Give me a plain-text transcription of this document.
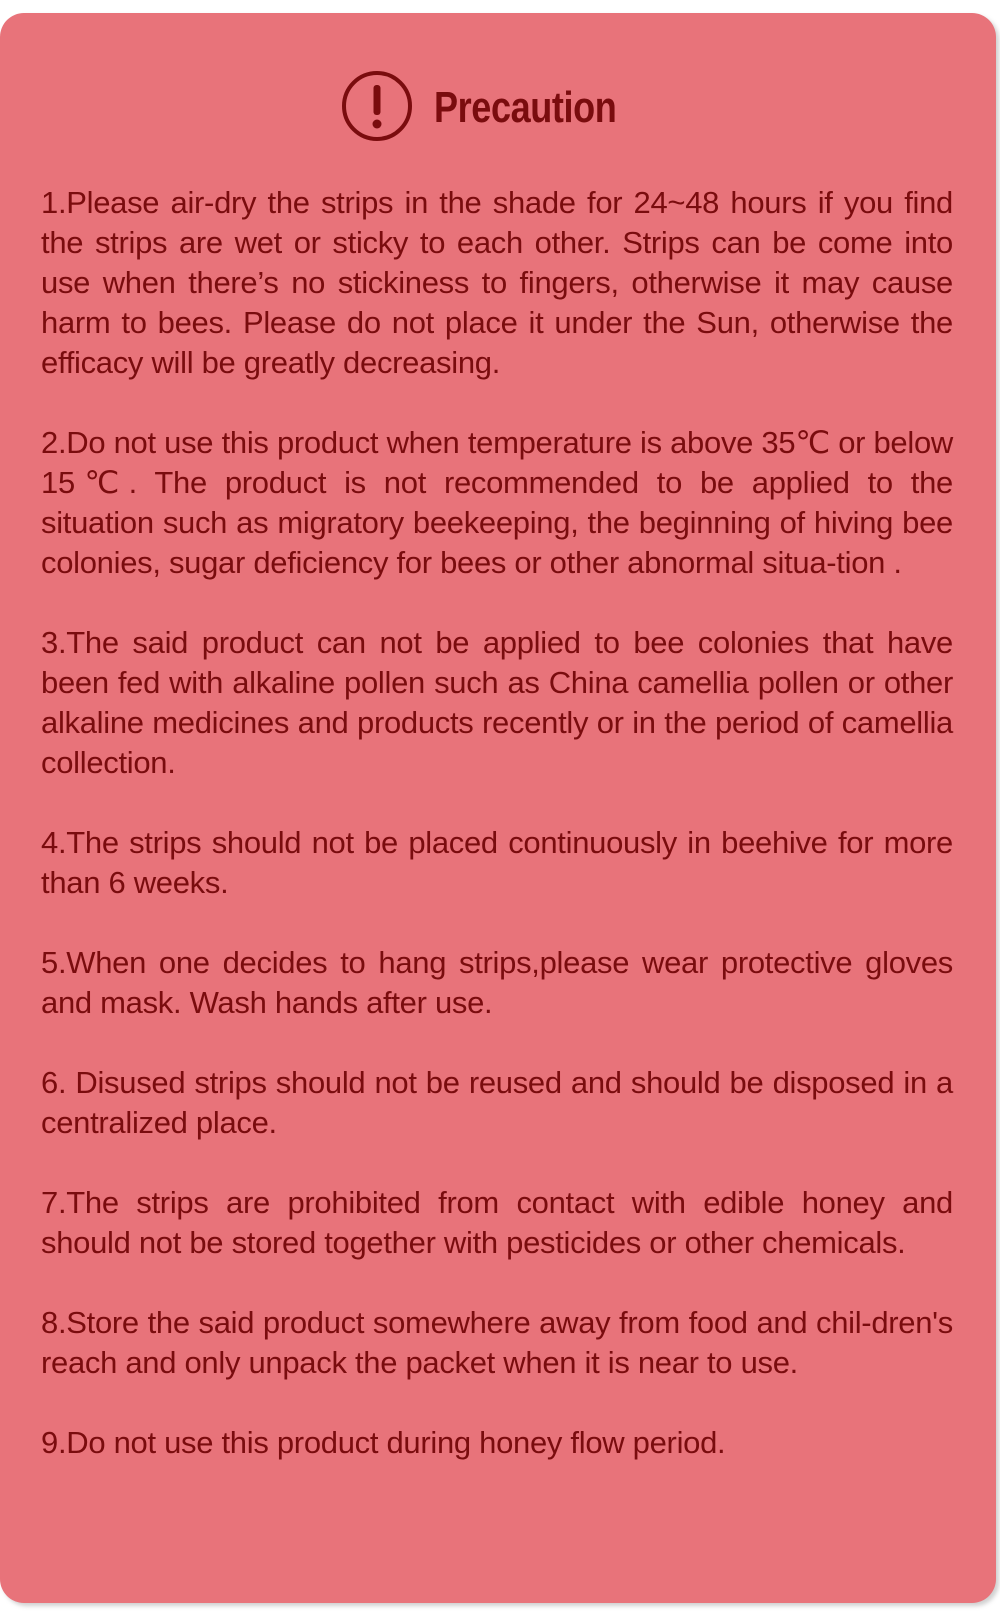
Precaution
1.Please air-dry the strips in the shade for 24~48 hours if you find the strips are wet or sticky to each other. Strips can be come into use when there’s no stickiness to fingers, otherwise it may cause harm to bees. Please do not place it under the Sun, otherwise the efficacy will be greatly decreasing.
2.Do not use this product when temperature is above 35℃ or below 15℃. The product is not recommended to be applied to the situation such as migratory beekeeping, the beginning of hiving bee colonies, sugar deficiency for bees or other abnormal situa-tion .
3.The said product can not be applied to bee colonies that have been fed with alkaline pollen such as China camellia pollen or other alkaline medicines and products recently or in the period of camellia collection.
4.The strips should not be placed continuously in beehive for more than 6 weeks.
5.When one decides to hang strips,please wear protective gloves and mask. Wash hands after use.
6. Disused strips should not be reused and should be disposed in a centralized place.
7.The strips are prohibited from contact with edible honey and should not be stored together with pesticides or other chemicals.
8.Store the said product somewhere away from food and chil-dren's reach and only unpack the packet when it is near to use.
9.Do not use this product during honey flow period.
